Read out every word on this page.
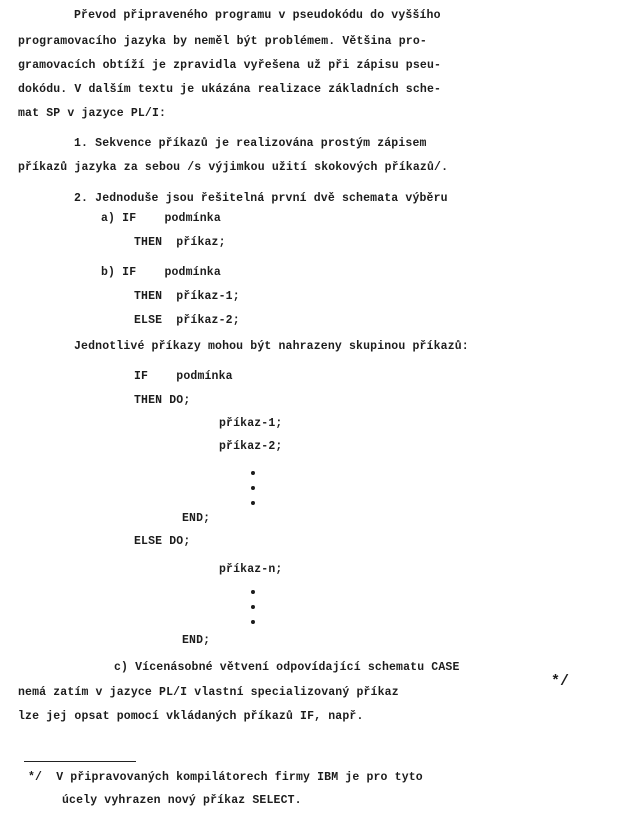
Převod připraveného programu v pseudokódu do vyššího
programovacího jazyka by neměl být problémem. Většina pro-
gramovacích obtíží je zpravidla vyřešena už při zápisu pseu-
dokódu. V dalším textu je ukázána realizace základních sche-
mat SP v jazyce PL/I:
1. Sekvence příkazů je realizována prostým zápisem
příkazů jazyka za sebou /s výjimkou užití skokových příkazů/.
2. Jednoduše jsou řešitelná první dvě schemata výběru
a) IF    podmínka
THEN  příkaz;
b) IF    podmínka
THEN  příkaz-1;
ELSE  příkaz-2;
Jednotlivé příkazy mohou být nahrazeny skupinou příkazů:
IF    podmínka
THEN DO;
příkaz-1;
příkaz-2;
END;
ELSE DO;
příkaz-n;
END;
c) Vícenásobné větvení odpovídající schematu CASE
nemá zatím v jazyce PL/I vlastní specializovaný příkaz
*/
lze jej opsat pomocí vkládaných příkazů IF, např.
*/  V připravovaných kompilátorech firmy IBM je pro tyto
úcely vyhrazen nový příkaz SELECT.
